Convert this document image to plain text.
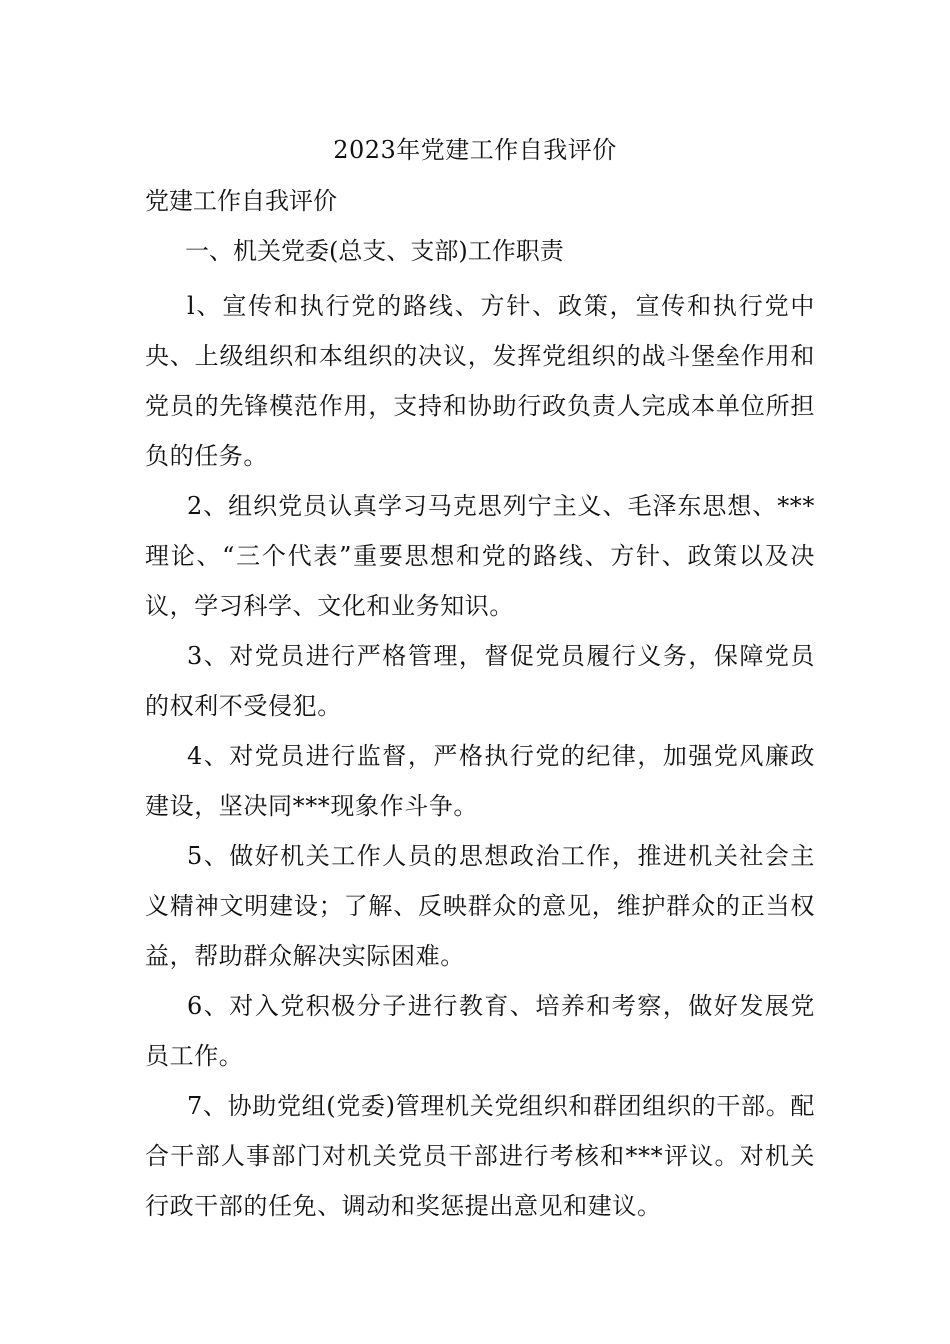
2023年党建工作自我评价
党建工作自我评价
一、机关党委(总支、支部)工作职责

l、宣传和执行党的路线、方针、政策，宣传和执行党中央、上级组织和本组织的决议，发挥党组织的战斗堡垒作用和党员的先锋模范作用，支持和协助行政负责人完成本单位所担负的任务。

2、组织党员认真学习马克思列宁主义、毛泽东思想、***理论、“三个代表”重要思想和党的路线、方针、政策以及决议，学习科学、文化和业务知识。

3、对党员进行严格管理，督促党员履行义务，保障党员的权利不受侵犯。

4、对党员进行监督，严格执行党的纪律，加强党风廉政建设，坚决同***现象作斗争。

5、做好机关工作人员的思想政治工作，推进机关社会主义精神文明建设；了解、反映群众的意见，维护群众的正当权益，帮助群众解决实际困难。

6、对入党积极分子进行教育、培养和考察，做好发展党员工作。

7、协助党组(党委)管理机关党组织和群团组织的干部。配合干部人事部门对机关党员干部进行考核和***评议。对机关行政干部的任免、调动和奖惩提出意见和建议。
